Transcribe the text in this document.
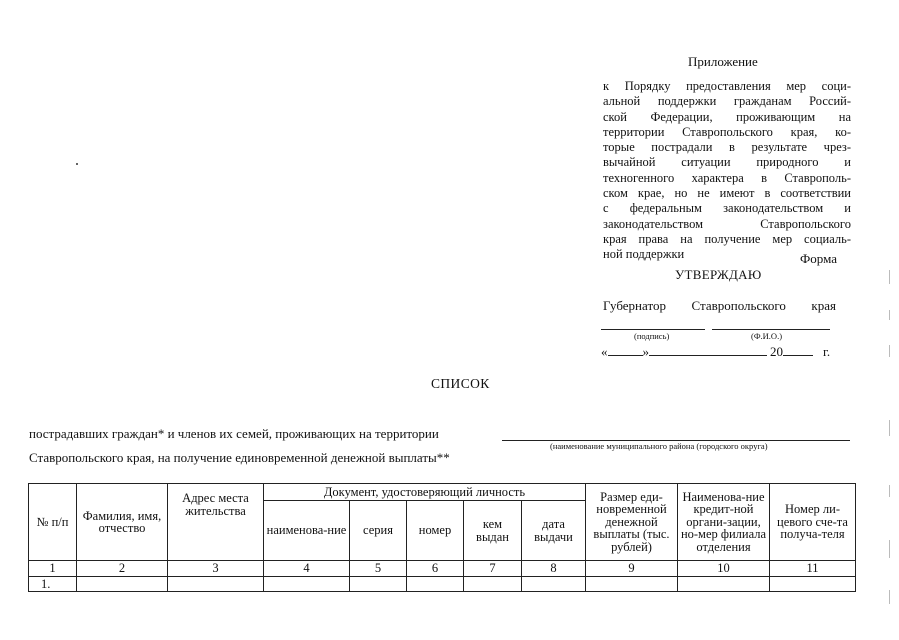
Приложение
к Порядку предоставления мер соци-
альной поддержки гражданам Россий-
ской Федерации, проживающим на
территории Ставропольского края, ко-
торые пострадали в результате чрез-
вычайной ситуации природного и
техногенного характера в Ставрополь-
ском крае, но не имеют в соответствии
с федеральным законодательством и
законодательством Ставропольского
края права на получение мер социаль-
ной поддержки	Форма
УТВЕРЖДАЮ
Губернатор Ставропольского края
(подпись)	(Ф.И.О.)
«	»	20	г.
СПИСОК
пострадавших граждан* и членов их семей, проживающих на территории
(наименование муниципального района (городского округа)
Ставропольского края, на получение единовременной денежной выплаты**
№ п/п	Фамилия, имя, отчество	Адрес места жительства	Документ, удостоверяющий личность					Размер еди-новременной денежной выплаты (тыс. рублей)	Наименова-ние кредит-ной органи-зации, но-мер филиала отделения	Номер ли-цевого сче-та получа-теля
			наименова-ние	серия	номер	кем выдан	дата выдачи			
1	2	3	4	5	6	7	8	9	10	11
1.										
